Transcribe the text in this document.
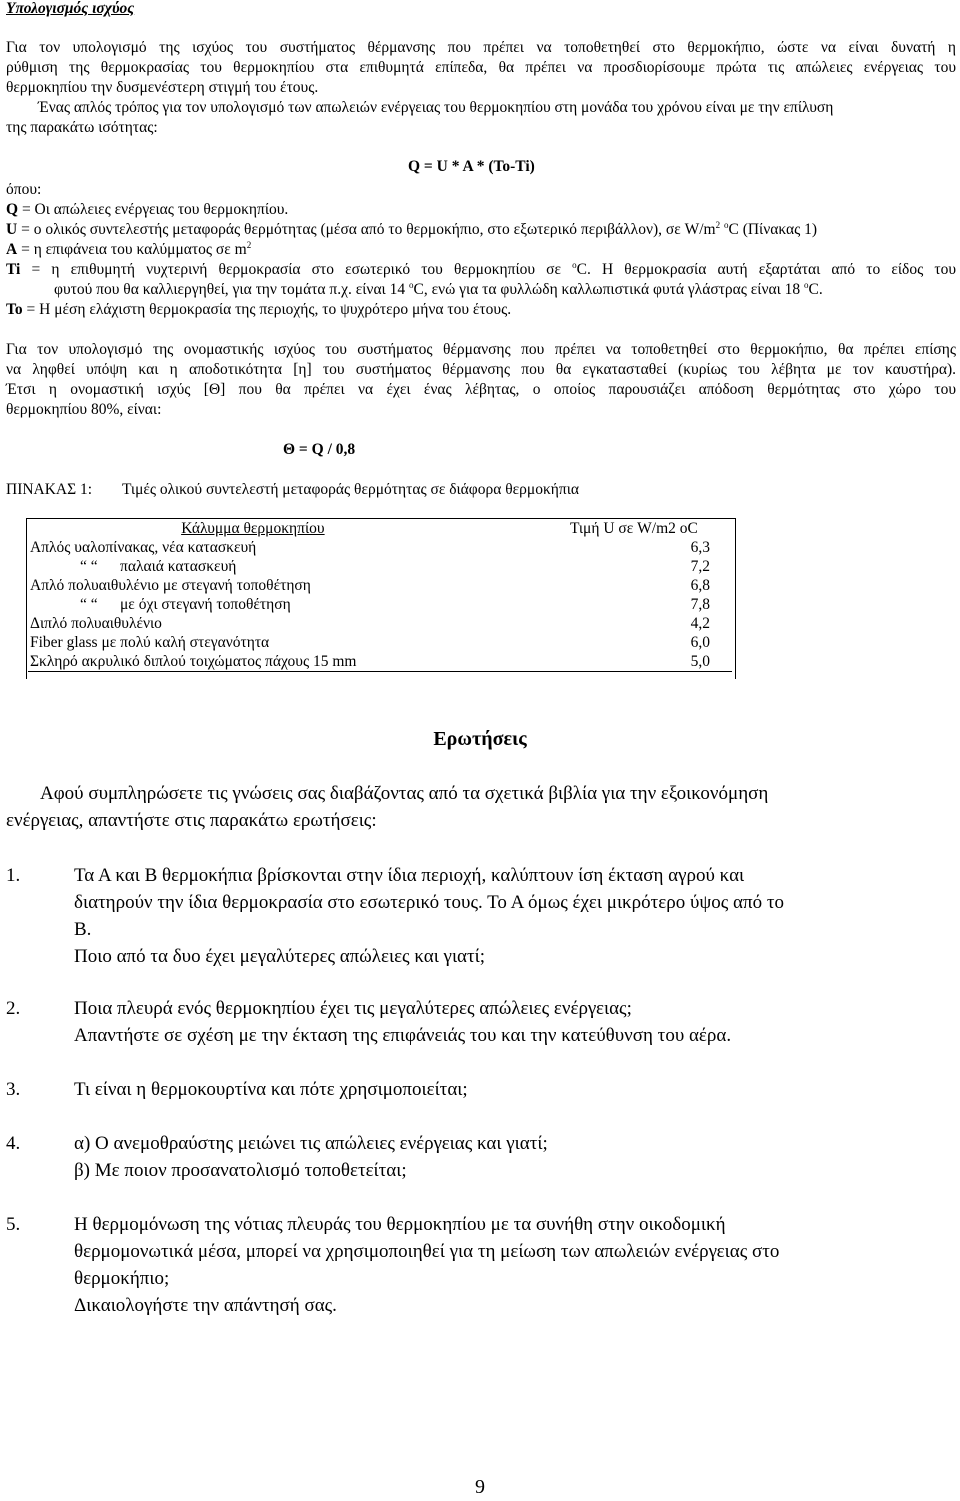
Υπολογισμός ισχύος
Για τον υπολογισμό της ισχύος του συστήματος θέρμανσης που πρέπει να τοποθετηθεί στο θερμοκήπιο, ώστε να είναι δυνατή η
ρύθμιση της θερμοκρασίας του θερμοκηπίου στα επιθυμητά επίπεδα, θα πρέπει να προσδιορίσουμε πρώτα τις απώλειες ενέργειας του
θερμοκηπίου την δυσμενέστερη στιγμή του έτους.
Ένας απλός τρόπος για τον υπολογισμό των απωλειών ενέργειας του θερμοκηπίου στη μονάδα του χρόνου είναι με την επίλυση
της παρακάτω ισότητας:
Q = U * A * (To-Ti)
όπου:
Q = Οι απώλειες ενέργειας του θερμοκηπίου.
U = ο ολικός συντελεστής μεταφοράς θερμότητας (μέσα από το θερμοκήπιο, στο εξωτερικό περιβάλλον), σε $W/m^2$ $^o$C (Πίνακας 1)
A = η επιφάνεια του καλύμματος σε $m^2$
Ti = η επιθυμητή νυχτερινή θερμοκρασία στο εσωτερικό του θερμοκηπίου σε $^o$C. Η θερμοκρασία αυτή εξαρτάται από το είδος του
φυτού που θα καλλιεργηθεί, για την τομάτα π.χ. είναι 14 $^o$C, ενώ για τα φυλλώδη καλλωπιστικά φυτά γλάστρας είναι 18 $^o$C.
To = Η μέση ελάχιστη θερμοκρασία της περιοχής, το ψυχρότερο μήνα του έτους.
Για τον υπολογισμό της ονομαστικής ισχύος του συστήματος θέρμανσης που πρέπει να τοποθετηθεί στο θερμοκήπιο, θα πρέπει επίσης
να ληφθεί υπόψη και η αποδοτικότητα [η] του συστήματος θέρμανσης που θα εγκατασταθεί (κυρίως του λέβητα με τον καυστήρα).
Έτσι η ονομαστική ισχύς [Θ] που θα πρέπει να έχει ένας λέβητας, ο οποίος παρουσιάζει απόδοση θερμότητας στο χώρο του
θερμοκηπίου 80%, είναι:
Θ = Q / 0,8
ΠΙΝΑΚΑΣ 1: Τιμές ολικού συντελεστή μεταφοράς θερμότητας σε διάφορα θερμοκήπια
Κάλυμμα θερμοκηπίου	Τιμή U σε W/m2 oC
Απλός υαλοπίνακας, νέα κατασκευή	6,3
“ “ παλαιά κατασκευή	7,2
Απλό πολυαιθυλένιο με στεγανή τοποθέτηση	6,8
“ “ με όχι στεγανή τοποθέτηση	7,8
Διπλό πολυαιθυλένιο	4,2
Fiber glass με πολύ καλή στεγανότητα	6,0
Σκληρό ακρυλικό διπλού τοιχώματος πάχους 15 mm	5,0
Ερωτήσεις
Αφού συμπληρώσετε τις γνώσεις σας διαβάζοντας από τα σχετικά βιβλία για την εξοικονόμηση
ενέργειας, απαντήστε στις παρακάτω ερωτήσεις:
1.	Τα Α και Β θερμοκήπια βρίσκονται στην ίδια περιοχή, καλύπτουν ίση έκταση αγρού και
διατηρούν την ίδια θερμοκρασία στο εσωτερικό τους. Το Α όμως έχει μικρότερο ύψος από το
Β.
Ποιο από τα δυο έχει μεγαλύτερες απώλειες και γιατί;
2.	Ποια πλευρά ενός θερμοκηπίου έχει τις μεγαλύτερες απώλειες ενέργειας;
Απαντήστε σε σχέση με την έκταση της επιφάνειάς του και την κατεύθυνση του αέρα.
3.	Τι είναι η θερμοκουρτίνα και πότε χρησιμοποιείται;
4.	α) Ο ανεμοθραύστης μειώνει τις απώλειες ενέργειας και γιατί;
β) Με ποιον προσανατολισμό τοποθετείται;
5.	Η θερμομόνωση της νότιας πλευράς του θερμοκηπίου με τα συνήθη στην οικοδομική
θερμομονωτικά μέσα, μπορεί να χρησιμοποιηθεί για τη μείωση των απωλειών ενέργειας στο
θερμοκήπιο;
Δικαιολογήστε την απάντησή σας.
9
